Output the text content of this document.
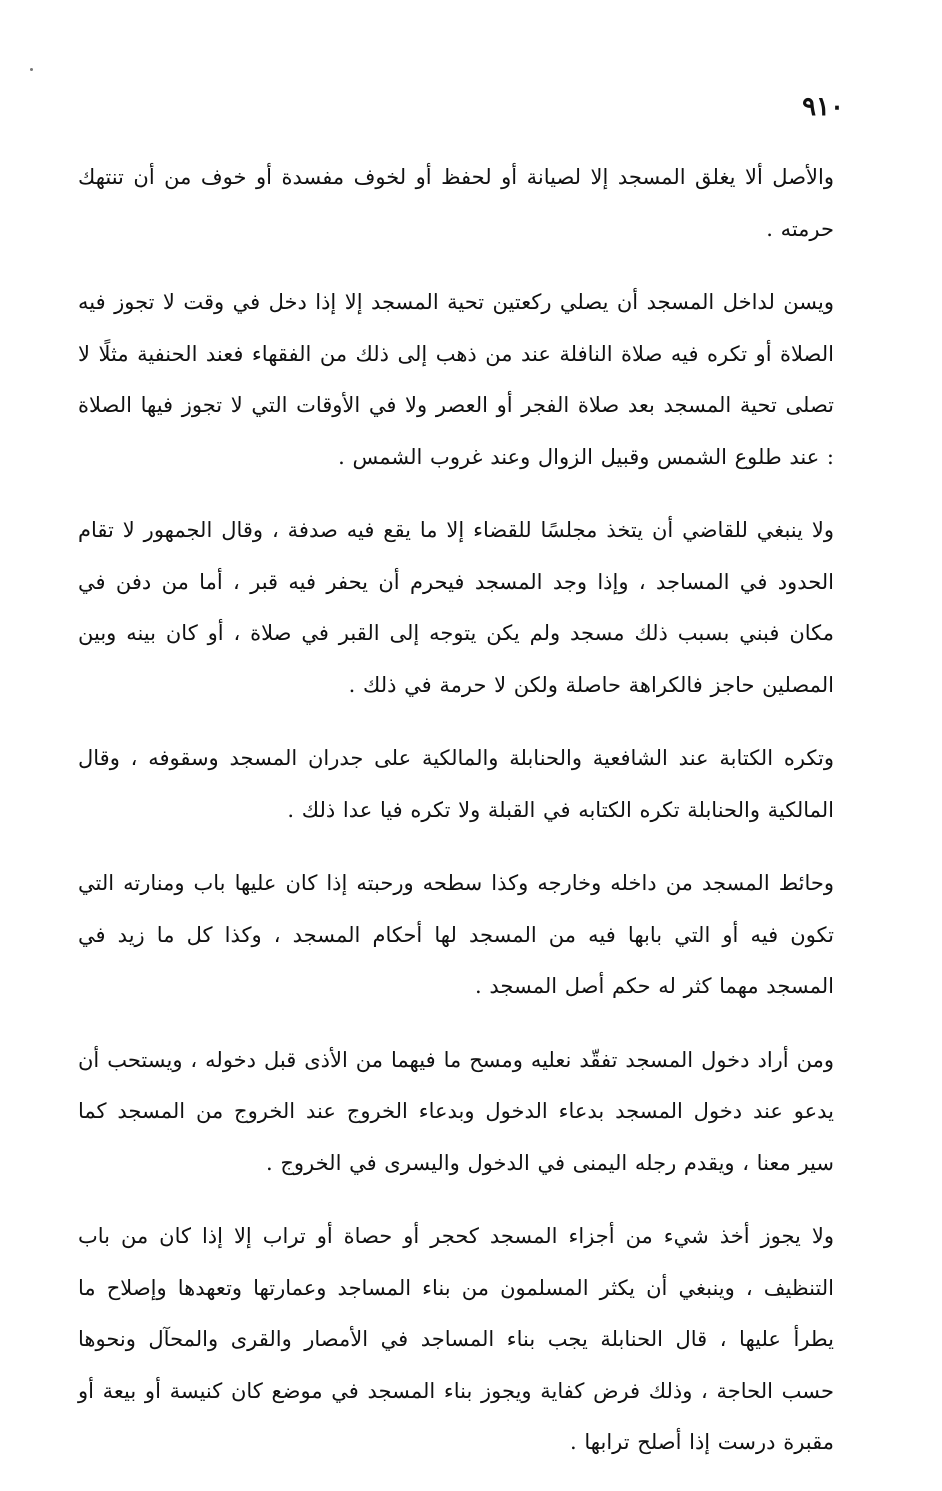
٩١٠

والأصل ألا يغلق المسجد إلا لصيانة أو لحفظ أو لخوف مفسدة أو خوف من أن تنتهك حرمته .

ويسن لداخل المسجد أن يصلي ركعتين تحية المسجد إلا إذا دخل في وقت لا تجوز فيه الصلاة أو تكره فيه صلاة النافلة عند من ذهب إلى ذلك من الفقهاء فعند الحنفية مثلًا لا تصلى تحية المسجد بعد صلاة الفجر أو العصر ولا في الأوقات التي لا تجوز فيها الصلاة : عند طلوع الشمس وقبيل الزوال وعند غروب الشمس .

ولا ينبغي للقاضي أن يتخذ مجلسًا للقضاء إلا ما يقع فيه صدفة ، وقال الجمهور لا تقام الحدود في المساجد ، وإذا وجد المسجد فيحرم أن يحفر فيه قبر ، أما من دفن في مكان فبني بسبب ذلك مسجد ولم يكن يتوجه إلى القبر في صلاة ، أو كان بينه وبين المصلين حاجز فالكراهة حاصلة ولكن لا حرمة في ذلك .

وتكره الكتابة عند الشافعية والحنابلة والمالكية على جدران المسجد وسقوفه ، وقال المالكية والحنابلة تكره الكتابه في القبلة ولا تكره فيا عدا ذلك .

وحائط المسجد من داخله وخارجه وكذا سطحه ورحبته إذا كان عليها باب ومنارته التي تكون فيه أو التي بابها فيه من المسجد لها أحكام المسجد ، وكذا كل ما زيد في المسجد مهما كثر له حكم أصل المسجد .

ومن أراد دخول المسجد تفقّد نعليه ومسح ما فيهما من الأذى قبل دخوله ، ويستحب أن يدعو عند دخول المسجد بدعاء الدخول وبدعاء الخروج عند الخروج من المسجد كما سير معنا ، ويقدم رجله اليمنى في الدخول واليسرى في الخروج .

ولا يجوز أخذ شيء من أجزاء المسجد كحجر أو حصاة أو تراب إلا إذا كان من باب التنظيف ، وينبغي أن يكثر المسلمون من بناء المساجد وعمارتها وتعهدها وإصلاح ما يطرأ عليها ، قال الحنابلة يجب بناء المساجد في الأمصار والقرى والمحآل ونحوها حسب الحاجة ، وذلك فرض كفاية ويجوز بناء المسجد في موضع كان كنيسة أو بيعة أو مقبرة درست إذا أصلح ترابها .
